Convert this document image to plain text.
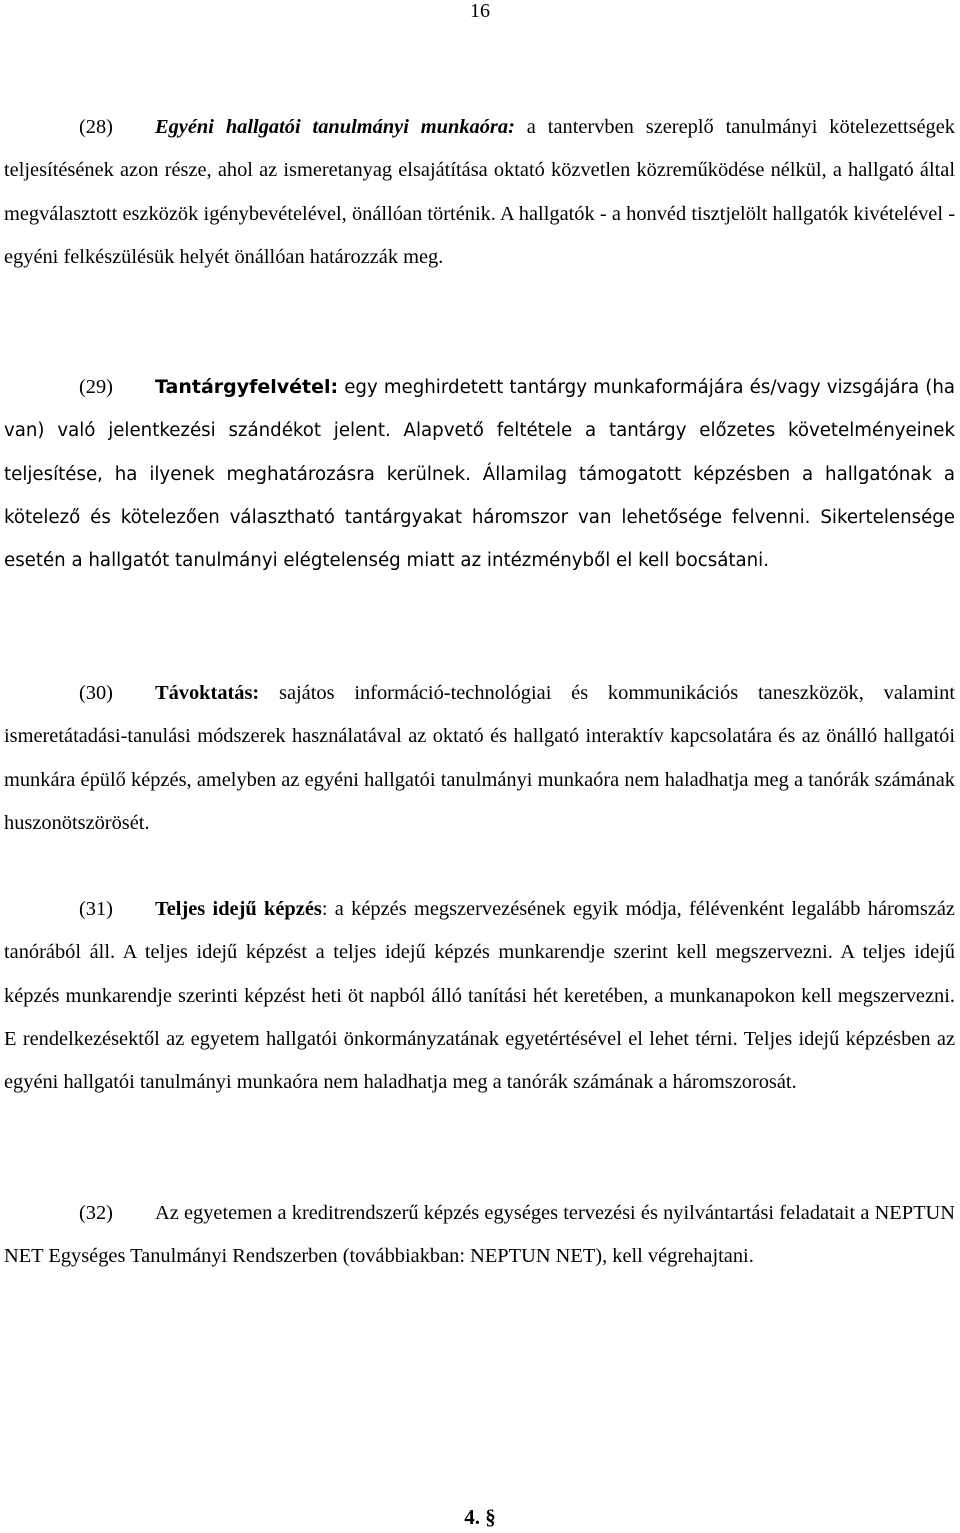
16

(28) Egyéni hallgatói tanulmányi munkaóra: a tantervben szereplő tanulmányi kötelezettségek teljesítésének azon része, ahol az ismeretanyag elsajátítása oktató közvetlen közreműködése nélkül, a hallgató által megválasztott eszközök igénybevételével, önállóan történik. A hallgatók - a honvéd tisztjelölt hallgatók kivételével - egyéni felkészülésük helyét önállóan határozzák meg.

(29) Tantárgyfelvétel: egy meghirdetett tantárgy munkaformájára és/vagy vizsgájára (ha van) való jelentkezési szándékot jelent. Alapvető feltétele a tantárgy előzetes követelményeinek teljesítése, ha ilyenek meghatározásra kerülnek. Államilag támogatott képzésben a hallgatónak a kötelező és kötelezően választható tantárgyakat háromszor van lehetősége felvenni. Sikertelensége esetén a hallgatót tanulmányi elégtelenség miatt az intézményből el kell bocsátani.

(30) Távoktatás: sajátos információ-technológiai és kommunikációs taneszközök, valamint ismeretátadási-tanulási módszerek használatával az oktató és hallgató interaktív kapcsolatára és az önálló hallgatói munkára épülő képzés, amelyben az egyéni hallgatói tanulmányi munkaóra nem haladhatja meg a tanórák számának huszonötszörösét.

(31) Teljes idejű képzés: a képzés megszervezésének egyik módja, félévenként legalább háromszáz tanórából áll. A teljes idejű képzést a teljes idejű képzés munkarendje szerint kell megszervezni. A teljes idejű képzés munkarendje szerinti képzést heti öt napból álló tanítási hét keretében, a munkanapokon kell megszervezni. E rendelkezésektől az egyetem hallgatói önkormányzatának egyetértésével el lehet térni. Teljes idejű képzésben az egyéni hallgatói tanulmányi munkaóra nem haladhatja meg a tanórák számának a háromszorosát.

(32) Az egyetemen a kreditrendszerű képzés egységes tervezési és nyilvántartási feladatait a NEPTUN NET Egységes Tanulmányi Rendszerben (továbbiakban: NEPTUN NET), kell végrehajtani.

4. §
